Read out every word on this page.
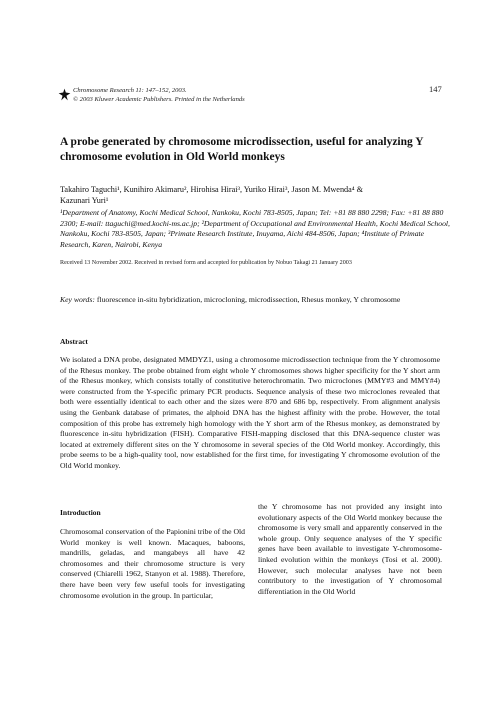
Chromosome Research 11: 147–152, 2003.
© 2003 Kluwer Academic Publishers. Printed in the Netherlands
147
A probe generated by chromosome microdissection, useful for analyzing Y chromosome evolution in Old World monkeys
Takahiro Taguchi¹, Kunihiro Akimaru², Hirohisa Hirai³, Yuriko Hirai³, Jason M. Mwenda⁴ &
Kazunari Yuri¹
¹Department of Anatomy, Kochi Medical School, Nankoku, Kochi 783-8505, Japan; Tel: +81 88 880 2298; Fax: +81 88 880 2300; E-mail: ttaguchi@med.kochi-ms.ac.jp; ²Department of Occupational and Environmental Health, Kochi Medical School, Nankoku, Kochi 783-8505, Japan; ³Primate Research Institute, Inuyama, Aichi 484-8506, Japan; ⁴Institute of Primate Research, Karen, Nairobi, Kenya
Received 13 November 2002. Received in revised form and accepted for publication by Nobuo Takagi 21 January 2003
Key words: fluorescence in-situ hybridization, microcloning, microdissection, Rhesus monkey, Y chromosome
Abstract

We isolated a DNA probe, designated MMDYZ1, using a chromosome microdissection technique from the Y chromosome of the Rhesus monkey. The probe obtained from eight whole Y chromosomes shows higher specificity for the Y short arm of the Rhesus monkey, which consists totally of constitutive heterochromatin. Two microclones (MMY#3 and MMY#4) were constructed from the Y-specific primary PCR products. Sequence analysis of these two microclones revealed that both were essentially identical to each other and the sizes were 870 and 686 bp, respectively. From alignment analysis using the Genbank database of primates, the alphoid DNA has the highest affinity with the probe. However, the total composition of this probe has extremely high homology with the Y short arm of the Rhesus monkey, as demonstrated by fluorescence in-situ hybridization (FISH). Comparative FISH-mapping disclosed that this DNA-sequence cluster was located at extremely different sites on the Y chromosome in several species of the Old World monkey. Accordingly, this probe seems to be a high-quality tool, now established for the first time, for investigating Y chromosome evolution of the Old World monkey.

Introduction

Chromosomal conservation of the Papionini tribe of the Old World monkey is well known. Macaques, baboons, mandrills, geladas, and mangabeys all have 42 chromosomes and their chromosome structure is very conserved (Chiarelli 1962, Stanyon et al. 1988). Therefore, there have been very few useful tools for investigating chromosome evolution in the group. In particular,

the Y chromosome has not provided any insight into evolutionary aspects of the Old World monkey because the chromosome is very small and apparently conserved in the whole group. Only sequence analyses of the Y specific genes have been available to investigate Y-chromosome-linked evolution within the monkeys (Tosi et al. 2000). However, such molecular analyses have not been contributory to the investigation of Y chromosomal differentiation in the Old World
